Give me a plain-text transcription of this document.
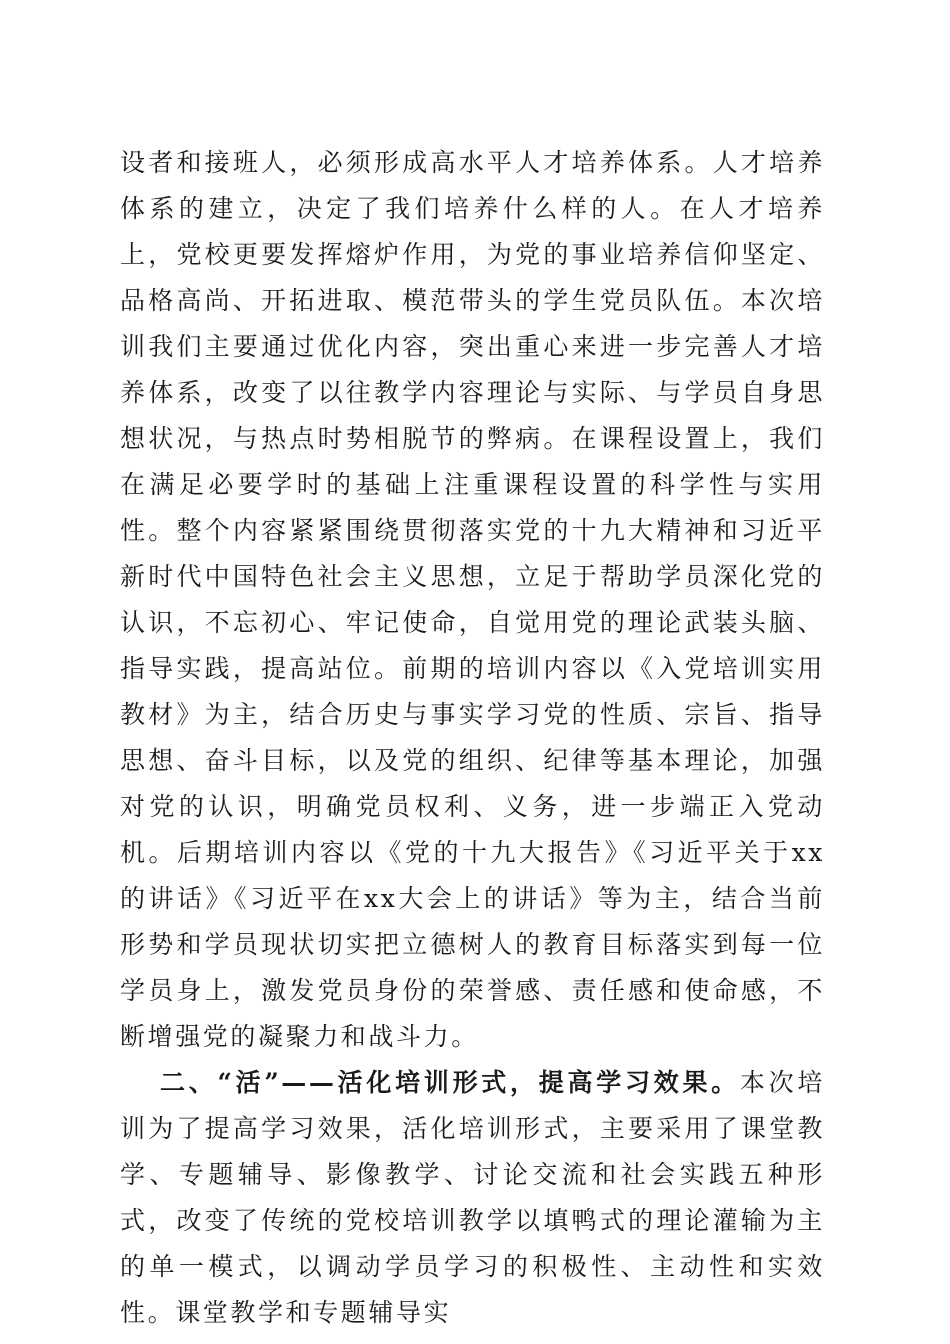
设者和接班人，必须形成高水平人才培养体系。人才培养体系的建立，决定了我们培养什么样的人。在人才培养上，党校更要发挥熔炉作用，为党的事业培养信仰坚定、品格高尚、开拓进取、模范带头的学生党员队伍。本次培训我们主要通过优化内容，突出重心来进一步完善人才培养体系，改变了以往教学内容理论与实际、与学员自身思想状况，与热点时势相脱节的弊病。在课程设置上，我们在满足必要学时的基础上注重课程设置的科学性与实用性。整个内容紧紧围绕贯彻落实党的十九大精神和习近平新时代中国特色社会主义思想，立足于帮助学员深化党的认识，不忘初心、牢记使命，自觉用党的理论武装头脑、指导实践，提高站位。前期的培训内容以《入党培训实用教材》为主，结合历史与事实学习党的性质、宗旨、指导思想、奋斗目标，以及党的组织、纪律等基本理论，加强对党的认识，明确党员权利、义务，进一步端正入党动机。后期培训内容以《党的十九大报告》《习近平关于xx的讲话》《习近平在xx大会上的讲话》等为主，结合当前形势和学员现状切实把立德树人的教育目标落实到每一位学员身上，激发党员身份的荣誉感、责任感和使命感，不断增强党的凝聚力和战斗力。

二、“活”——活化培训形式，提高学习效果。本次培训为了提高学习效果，活化培训形式，主要采用了课堂教学、专题辅导、影像教学、讨论交流和社会实践五种形式，改变了传统的党校培训教学以填鸭式的理论灌输为主的单一模式，以调动学员学习的积极性、主动性和实效性。课堂教学和专题辅导实
